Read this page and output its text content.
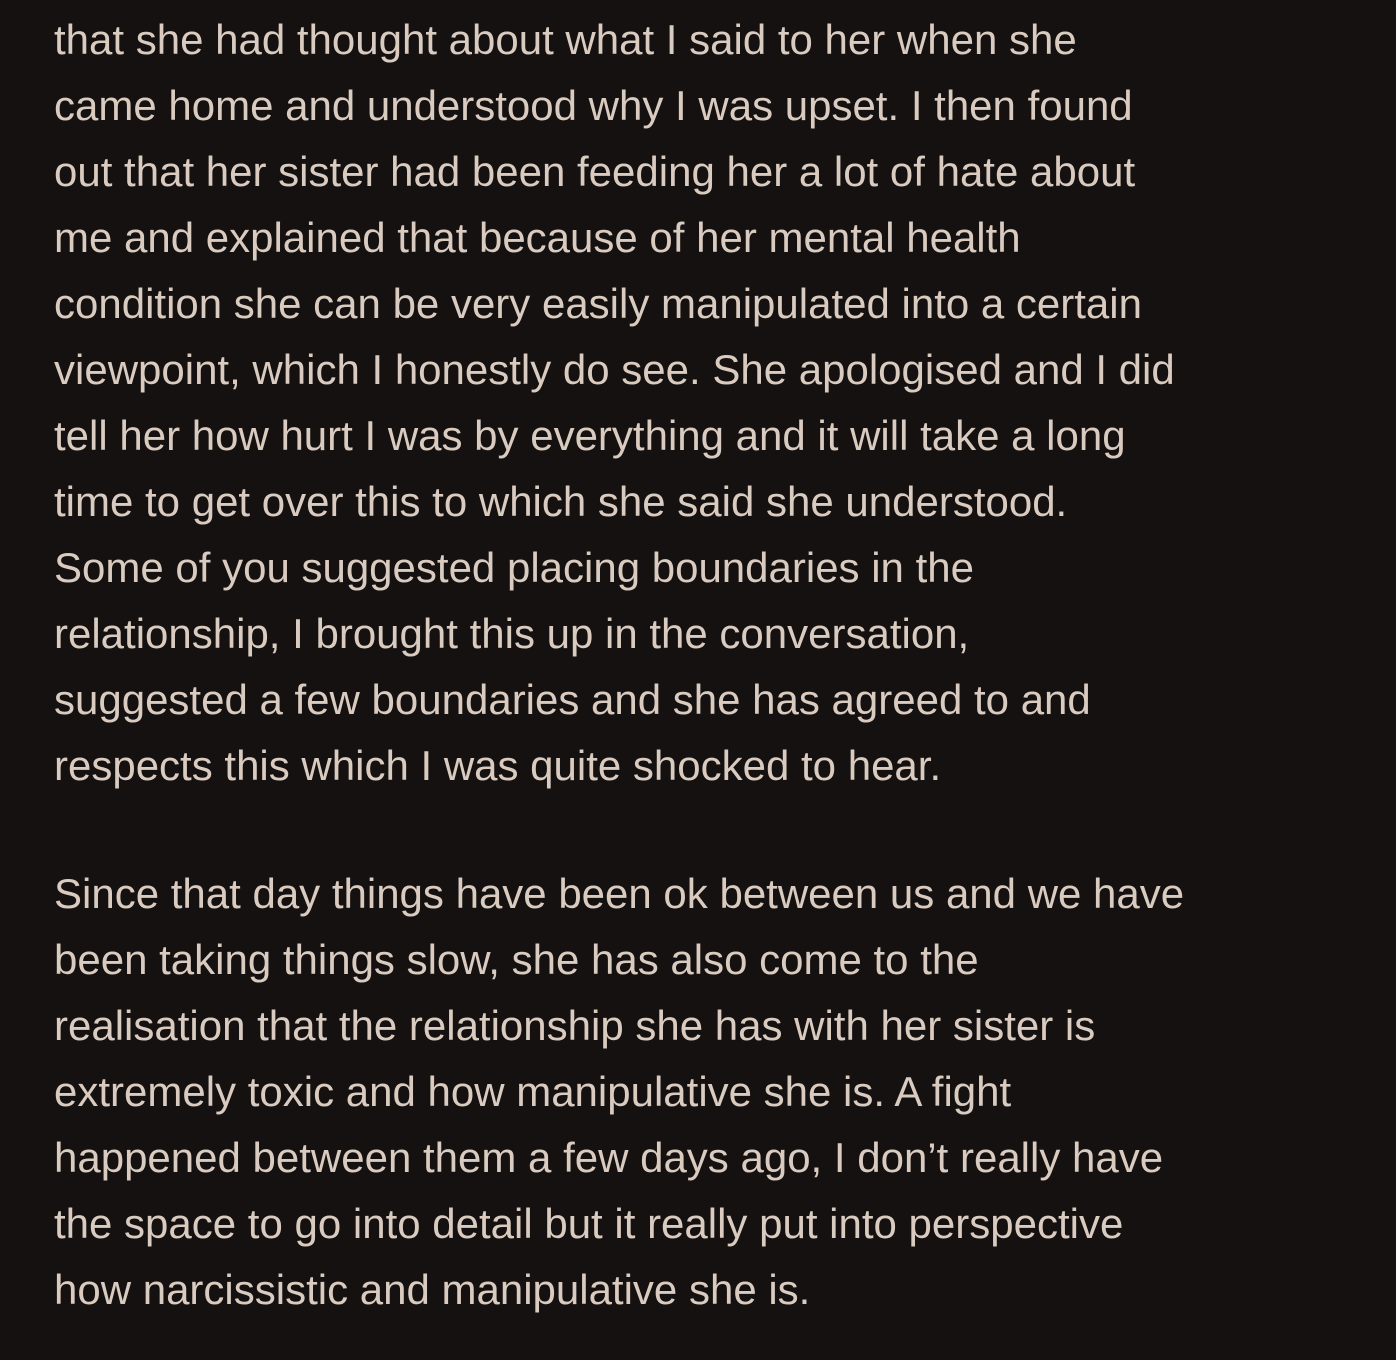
that she had thought about what I said to her when she
came home and understood why I was upset. I then found
out that her sister had been feeding her a lot of hate about
me and explained that because of her mental health
condition she can be very easily manipulated into a certain
viewpoint, which I honestly do see. She apologised and I did
tell her how hurt I was by everything and it will take a long
time to get over this to which she said she understood.
Some of you suggested placing boundaries in the
relationship, I brought this up in the conversation,
suggested a few boundaries and she has agreed to and
respects this which I was quite shocked to hear.
Since that day things have been ok between us and we have
been taking things slow, she has also come to the
realisation that the relationship she has with her sister is
extremely toxic and how manipulative she is. A fight
happened between them a few days ago, I don’t really have
the space to go into detail but it really put into perspective
how narcissistic and manipulative she is.
